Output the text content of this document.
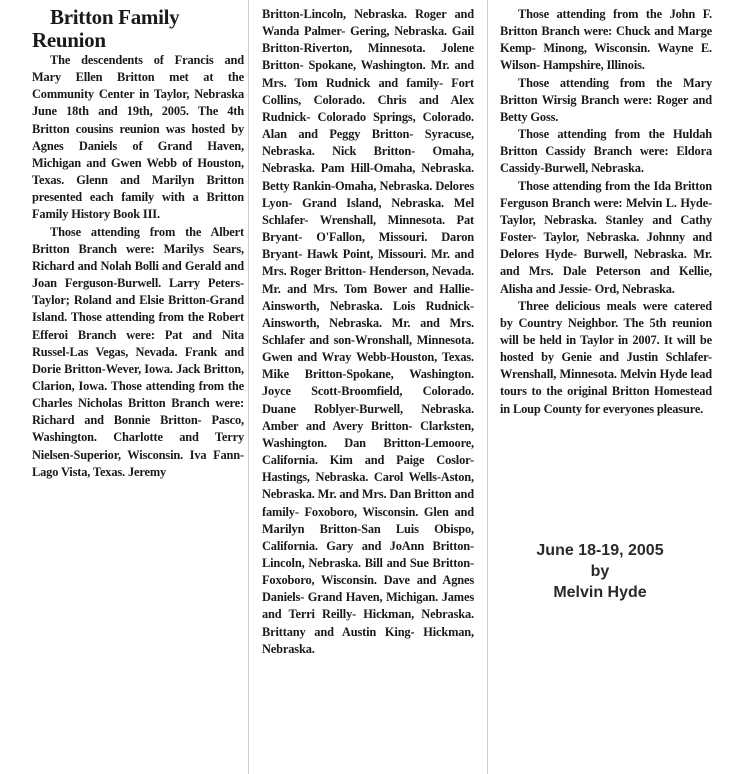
Britton Family Reunion

The descendents of Francis and Mary Ellen Britton met at the Community Center in Taylor, Nebraska June 18th and 19th, 2005. The 4th Britton cousins reunion was hosted by Agnes Daniels of Grand Haven, Michigan and Gwen Webb of Houston, Texas. Glenn and Marilyn Britton presented each family with a Britton Family History Book III.

Those attending from the Albert Britton Branch were: Marilys Sears, Richard and Nolah Bolli and Gerald and Joan Ferguson-Burwell. Larry Peters-Taylor; Roland and Elsie Britton-Grand Island. Those attending from the Robert Efferoi Branch were: Pat and Nita Russel-Las Vegas, Nevada. Frank and Dorie Britton-Wever, Iowa. Jack Britton, Clarion, Iowa. Those attending from the Charles Nicholas Britton Branch were: Richard and Bonnie Britton- Pasco, Washington. Charlotte and Terry Nielsen-Superior, Wisconsin. Iva Fann-Lago Vista, Texas. Jeremy

Britton-Lincoln, Nebraska. Roger and Wanda Palmer- Gering, Nebraska. Gail Britton-Riverton, Minnesota. Jolene Britton- Spokane, Washington. Mr. and Mrs. Tom Rudnick and family- Fort Collins, Colorado. Chris and Alex Rudnick- Colorado Springs, Colorado. Alan and Peggy Britton- Syracuse, Nebraska. Nick Britton- Omaha, Nebraska. Pam Hill-Omaha, Nebraska. Betty Rankin-Omaha, Nebraska. Delores Lyon- Grand Island, Nebraska. Mel Schlafer- Wrenshall, Minnesota. Pat Bryant- O'Fallon, Missouri. Daron Bryant- Hawk Point, Missouri. Mr. and Mrs. Roger Britton- Henderson, Nevada. Mr. and Mrs. Tom Bower and Hallie- Ainsworth, Nebraska. Lois Rudnick- Ainsworth, Nebraska. Mr. and Mrs. Schlafer and son-Wronshall, Minnesota. Gwen and Wray Webb-Houston, Texas. Mike Britton-Spokane, Washington. Joyce Scott-Broomfield, Colorado. Duane Roblyer-Burwell, Nebraska. Amber and Avery Britton- Clarksten, Washington. Dan Britton-Lemoore, California. Kim and Paige Coslor- Hastings, Nebraska. Carol Wells-Aston, Nebraska. Mr. and Mrs. Dan Britton and family- Foxoboro, Wisconsin. Glen and Marilyn Britton-San Luis Obispo, California. Gary and JoAnn Britton-Lincoln, Nebraska. Bill and Sue Britton- Foxoboro, Wisconsin. Dave and Agnes Daniels- Grand Haven, Michigan. James and Terri Reilly- Hickman, Nebraska. Brittany and Austin King- Hickman, Nebraska.

Those attending from the John F. Britton Branch were: Chuck and Marge Kemp- Minong, Wisconsin. Wayne E. Wilson- Hampshire, Illinois.

Those attending from the Mary Britton Wirsig Branch were: Roger and Betty Goss.

Those attending from the Huldah Britton Cassidy Branch were: Eldora Cassidy-Burwell, Nebraska.

Those attending from the Ida Britton Ferguson Branch were: Melvin L. Hyde-Taylor, Nebraska. Stanley and Cathy Foster- Taylor, Nebraska. Johnny and Delores Hyde- Burwell, Nebraska. Mr. and Mrs. Dale Peterson and Kellie, Alisha and Jessie- Ord, Nebraska.

Three delicious meals were catered by Country Neighbor. The 5th reunion will be held in Taylor in 2007. It will be hosted by Genie and Justin Schlafer-Wrenshall, Minnesota. Melvin Hyde lead tours to the original Britton Homestead in Loup County for everyones pleasure.

June 18-19, 2005
by
Melvin Hyde
